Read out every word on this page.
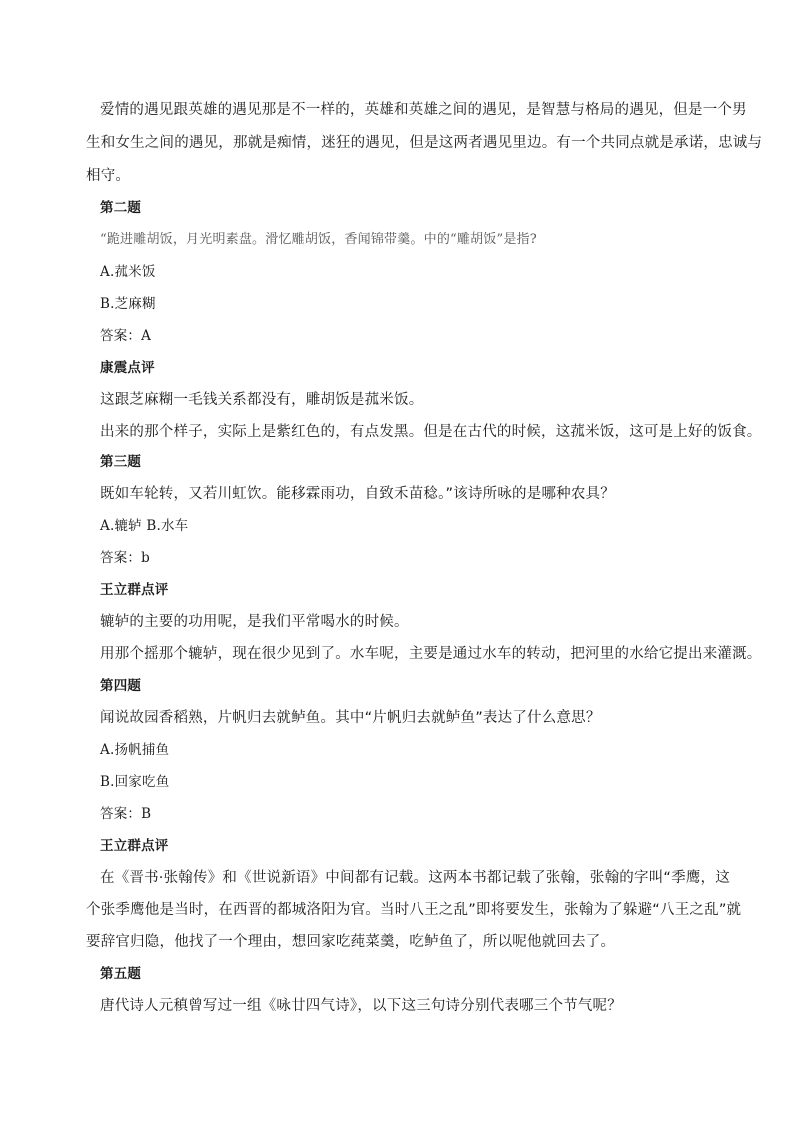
爱情的遇见跟英雄的遇见那是不一样的，英雄和英雄之间的遇见，是智慧与格局的遇见，但是一个男

生和女生之间的遇见，那就是痴情，迷狂的遇见，但是这两者遇见里边。有一个共同点就是承诺，忠诚与

相守。

第二题

“跪进雕胡饭，月光明素盘。滑忆雕胡饭，香闻锦带羹。中的“雕胡饭”是指?

A.菰米饭

B.芝麻糊

答案：A

康震点评

这跟芝麻糊一毛钱关系都没有，雕胡饭是菰米饭。

出来的那个样子，实际上是紫红色的，有点发黑。但是在古代的时候，这菰米饭，这可是上好的饭食。

第三题

既如车轮转，又若川虹饮。能移霖雨功，自致禾苗稔。”该诗所咏的是哪种农具？

A.辘轳 B.水车

答案：b

王立群点评

辘轳的主要的功用呢，是我们平常喝水的时候。

用那个摇那个辘轳，现在很少见到了。水车呢，主要是通过水车的转动，把河里的水给它提出来灌溉。

第四题

闻说故园香稻熟，片帆归去就鲈鱼。其中“片帆归去就鲈鱼”表达了什么意思？

A.扬帆捕鱼

B.回家吃鱼

答案：B

王立群点评

在《晋书·张翰传》和《世说新语》中间都有记载。这两本书都记载了张翰，张翰的字叫“季鹰，这

个张季鹰他是当时，在西晋的都城洛阳为官。当时八王之乱”即将要发生，张翰为了躲避“八王之乱”就

要辞官归隐，他找了一个理由，想回家吃莼菜羹，吃鲈鱼了，所以呢他就回去了。

第五题

唐代诗人元稹曾写过一组《咏廿四气诗》，以下这三句诗分别代表哪三个节气呢？
